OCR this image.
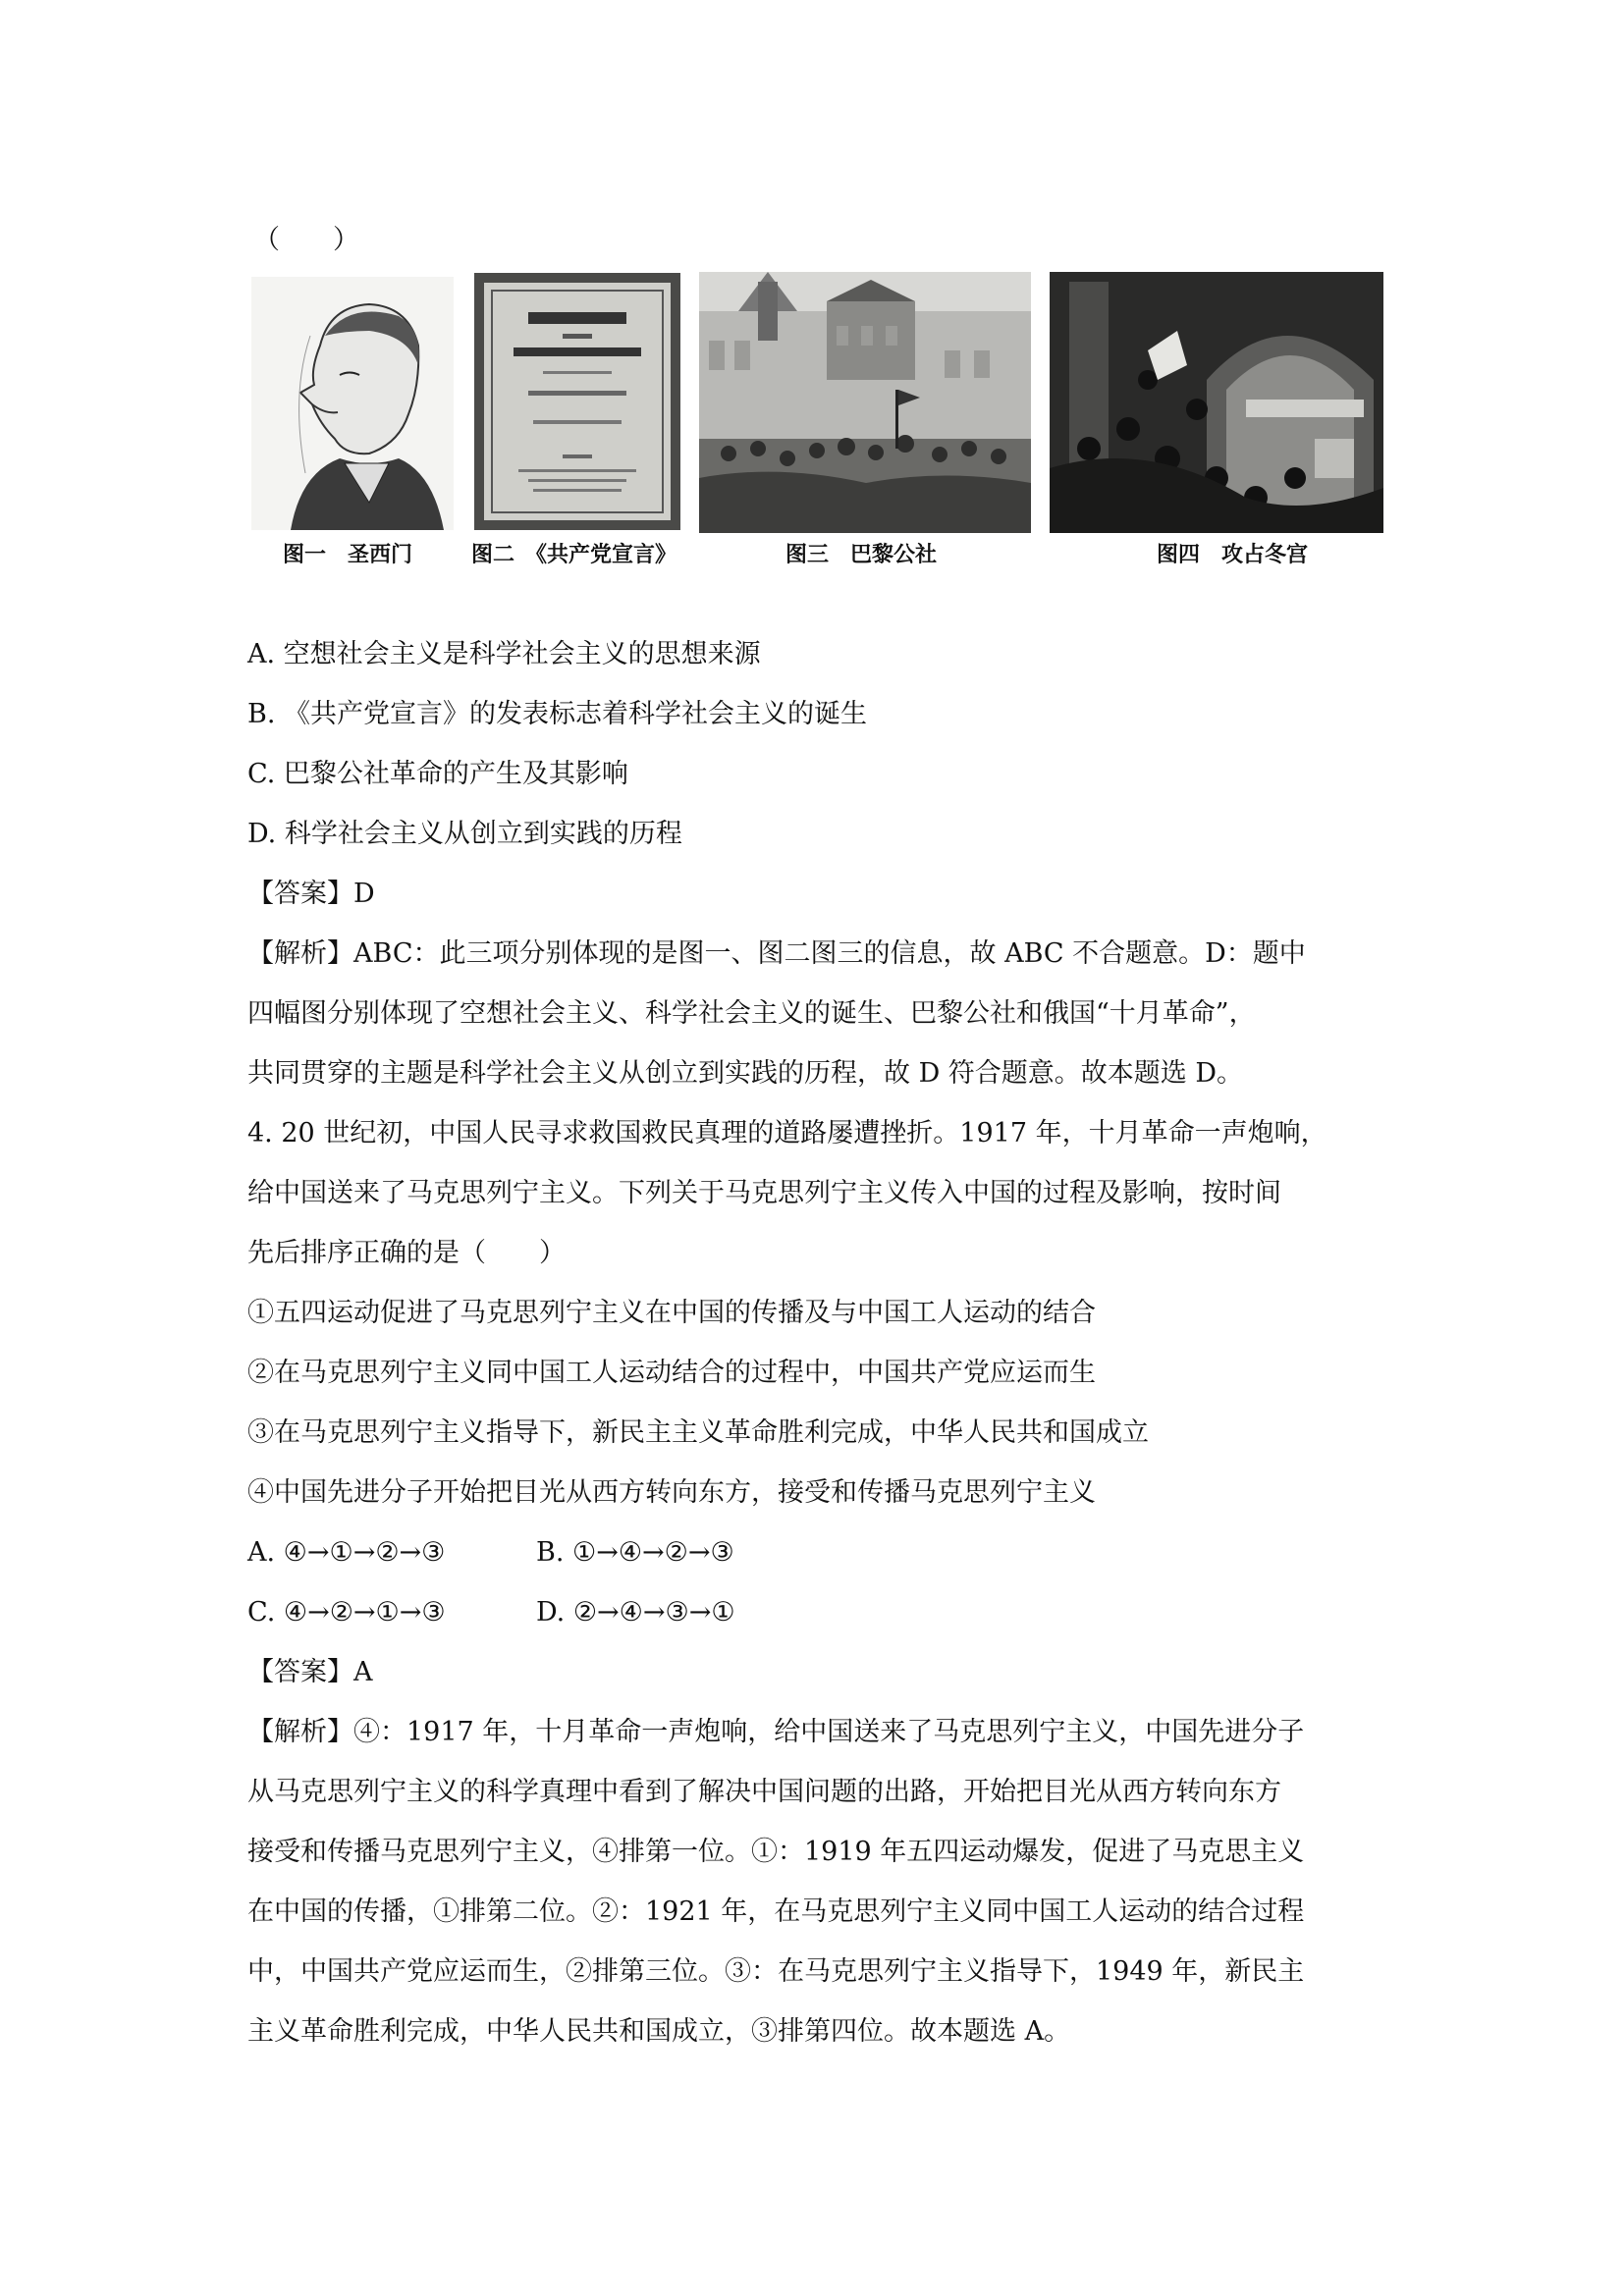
（　　）
图一　圣西门	图二　《共产党宣言》	图三　巴黎公社	图四　攻占冬宫
A. 空想社会主义是科学社会主义的思想来源
B. 《共产党宣言》的发表标志着科学社会主义的诞生
C. 巴黎公社革命的产生及其影响
D. 科学社会主义从创立到实践的历程
【答案】D
【解析】ABC：此三项分别体现的是图一、图二图三的信息，故 ABC 不合题意。D：题中
四幅图分别体现了空想社会主义、科学社会主义的诞生、巴黎公社和俄国“十月革命”，
共同贯穿的主题是科学社会主义从创立到实践的历程，故 D 符合题意。故本题选 D。
4. 20 世纪初，中国人民寻求救国救民真理的道路屡遭挫折。1917 年，十月革命一声炮响，
给中国送来了马克思列宁主义。下列关于马克思列宁主义传入中国的过程及影响，按时间
先后排序正确的是（　　）
①五四运动促进了马克思列宁主义在中国的传播及与中国工人运动的结合
②在马克思列宁主义同中国工人运动结合的过程中，中国共产党应运而生
③在马克思列宁主义指导下，新民主主义革命胜利完成，中华人民共和国成立
④中国先进分子开始把目光从西方转向东方，接受和传播马克思列宁主义
A. ④→①→②→③	B. ①→④→②→③
C. ④→②→①→③	D. ②→④→③→①
【答案】A
【解析】④：1917 年，十月革命一声炮响，给中国送来了马克思列宁主义，中国先进分子
从马克思列宁主义的科学真理中看到了解决中国问题的出路，开始把目光从西方转向东方
接受和传播马克思列宁主义，④排第一位。①：1919 年五四运动爆发，促进了马克思主义
在中国的传播，①排第二位。②：1921 年，在马克思列宁主义同中国工人运动的结合过程
中，中国共产党应运而生，②排第三位。③：在马克思列宁主义指导下，1949 年，新民主
主义革命胜利完成，中华人民共和国成立，③排第四位。故本题选 A。
